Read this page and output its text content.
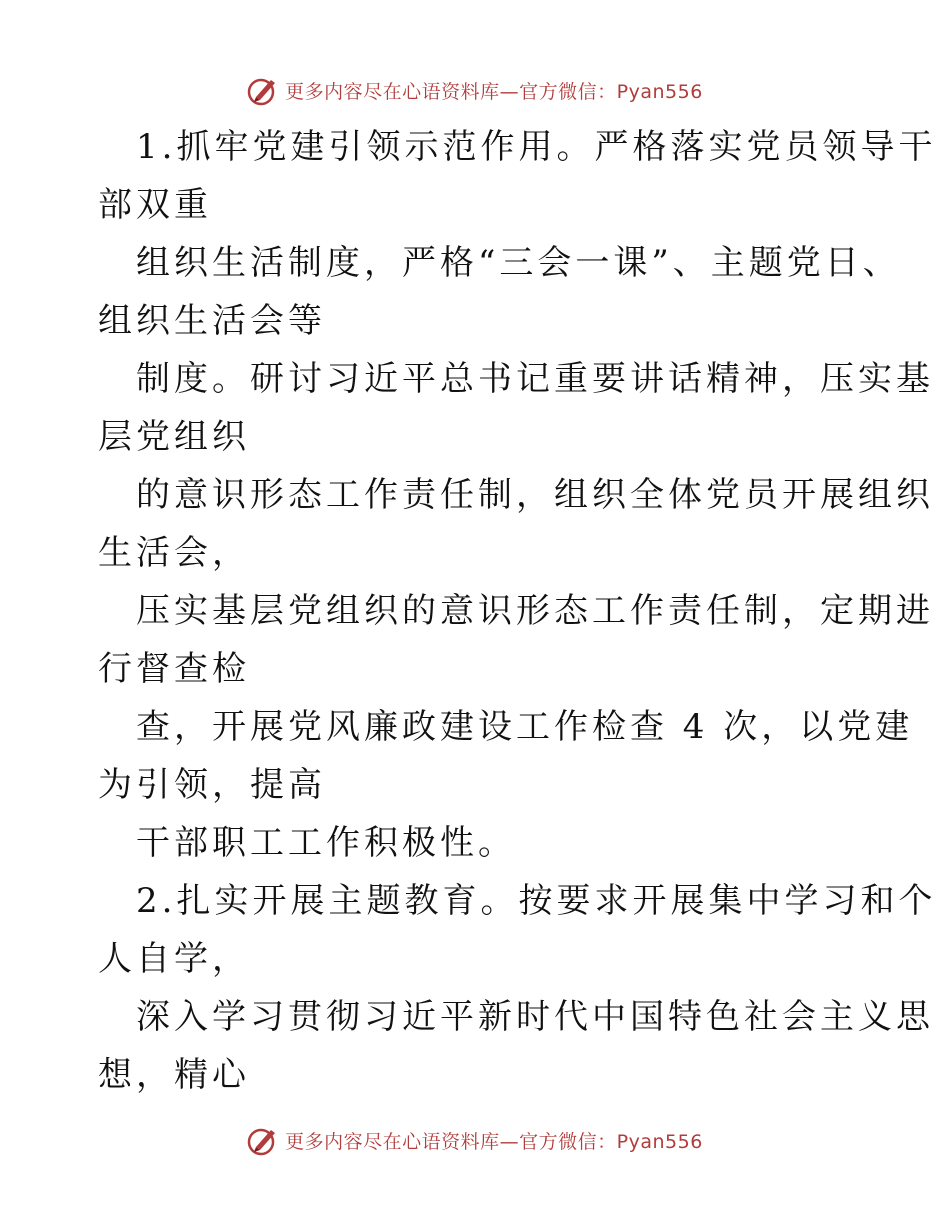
更多内容尽在心语资料库—官方微信：Pyan556
1.抓牢党建引领示范作用。严格落实党员领导干
部双重
组织生活制度，严格“三会一课”、主题党日、
组织生活会等
制度。研讨习近平总书记重要讲话精神，压实基
层党组织
的意识形态工作责任制，组织全体党员开展组织
生活会，
压实基层党组织的意识形态工作责任制，定期进
行督查检
查，开展党风廉政建设工作检查 4 次，以党建
为引领，提高
干部职工工作积极性。
2.扎实开展主题教育。按要求开展集中学习和个
人自学，
深入学习贯彻习近平新时代中国特色社会主义思
想，精心
更多内容尽在心语资料库—官方微信：Pyan556
